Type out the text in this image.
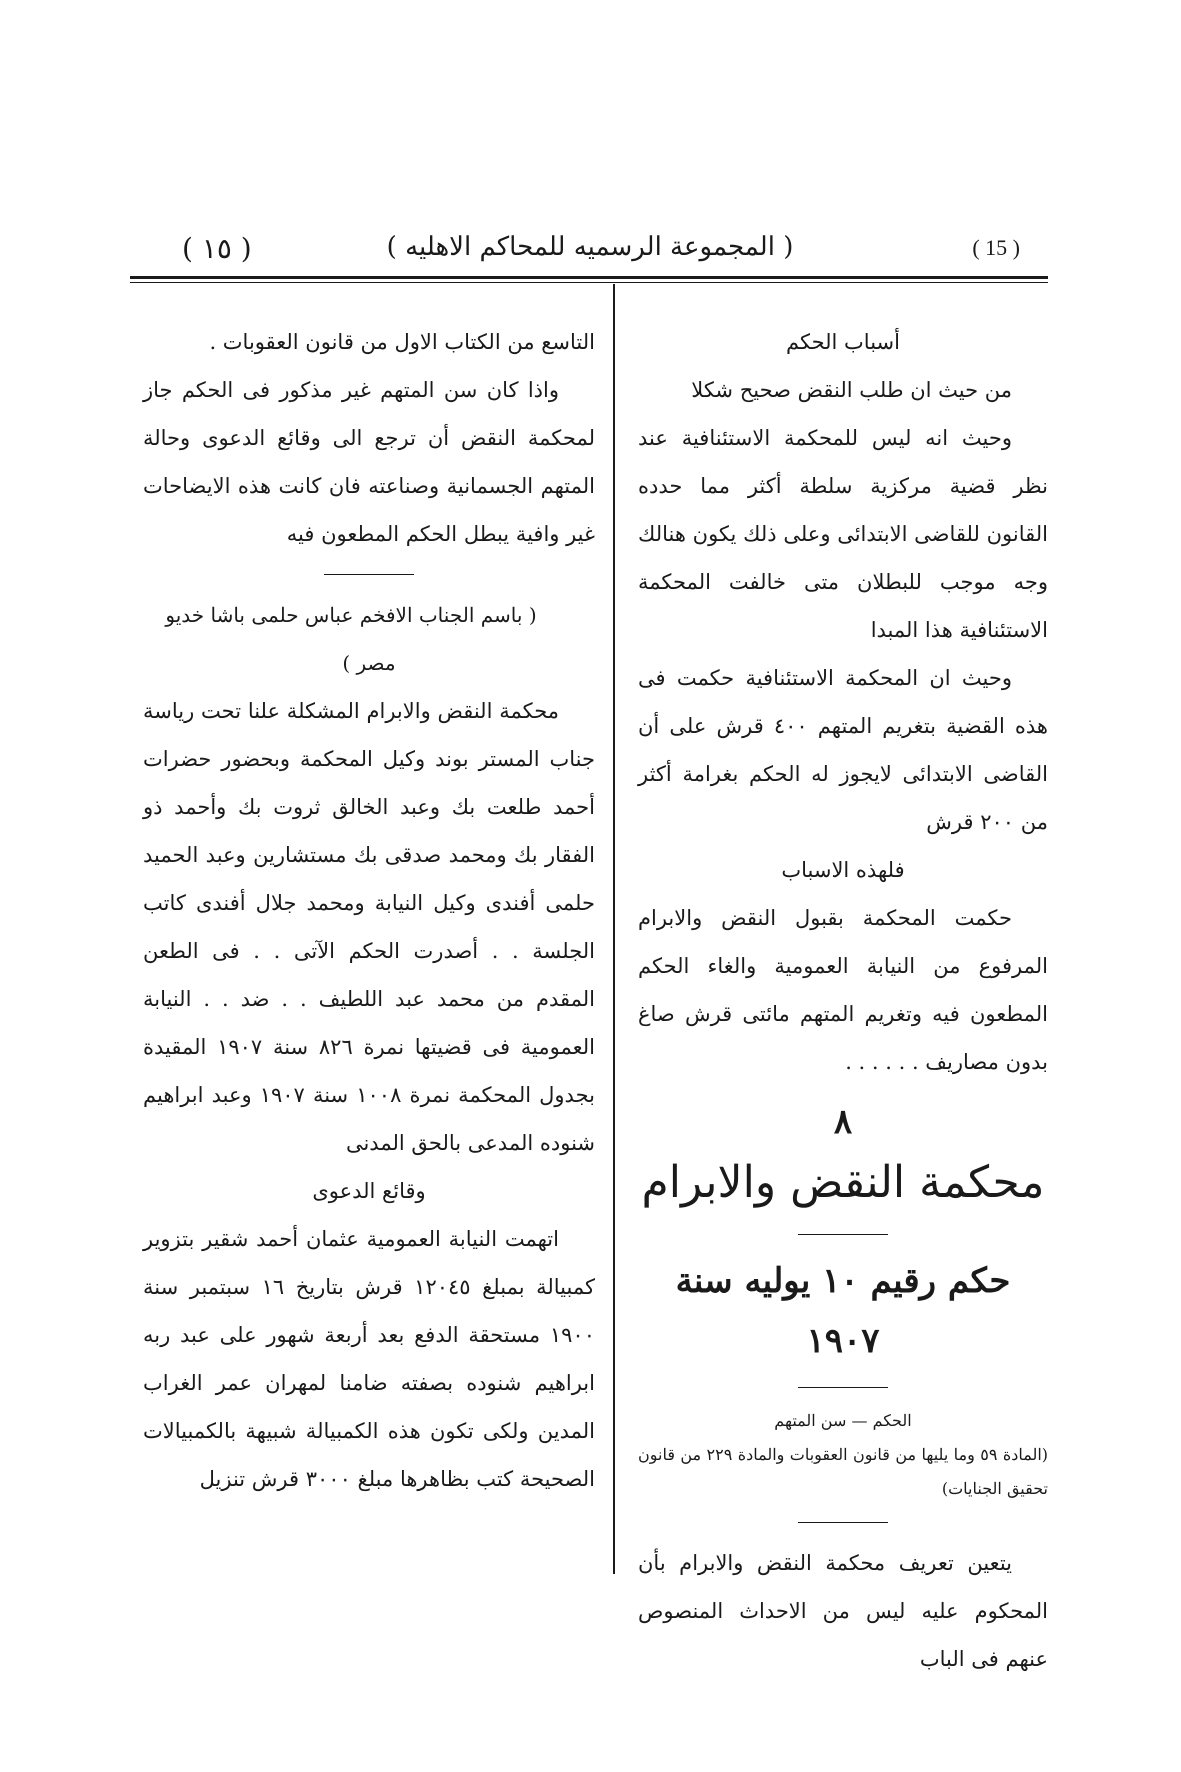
( ١٥ )	( المجموعة الرسميه للمحاكم الاهليه )	( 15 )

أسباب الحكم

من حيث ان طلب النقض صحيح شكلا

وحيث انه ليس للمحكمة الاستئنافية عند نظر قضية مركزية سلطة أكثر مما حدده القانون للقاضى الابتدائى وعلى ذلك يكون هنالك وجه موجب للبطلان متى خالفت المحكمة الاستئنافية هذا المبدا

وحيث ان المحكمة الاستئنافية حكمت فى هذه القضية بتغريم المتهم ٤٠٠ قرش على أن القاضى الابتدائى لايجوز له الحكم بغرامة أكثر من ٢٠٠ قرش

فلهذه الاسباب

حكمت المحكمة بقبول النقض والابرام المرفوع من النيابة العمومية والغاء الحكم المطعون فيه وتغريم المتهم مائتى قرش صاغ بدون مصاريف . . . . . .

٨
محكمة النقض والابرام
حكم رقيم ١٠ يوليه سنة ١٩٠٧

الحكم — سن المتهم

(المادة ٥٩ وما يليها من قانون العقوبات والمادة ٢٢٩ من قانون تحقيق الجنايات)

يتعين تعريف محكمة النقض والابرام بأن المحكوم عليه ليس من الاحداث المنصوص عنهم فى الباب

التاسع من الكتاب الاول من قانون العقوبات .

واذا كان سن المتهم غير مذكور فى الحكم جاز لمحكمة النقض أن ترجع الى وقائع الدعوى وحالة المتهم الجسمانية وصناعته فان كانت هذه الايضاحات غير وافية يبطل الحكم المطعون فيه

( باسم الجناب الافخم عباس حلمى باشا خديو مصر )

محكمة النقض والابرام المشكلة علنا تحت رياسة جناب المستر بوند وكيل المحكمة وبحضور حضرات أحمد طلعت بك وعبد الخالق ثروت بك وأحمد ذو الفقار بك ومحمد صدقى بك مستشارين وعبد الحميد حلمى أفندى وكيل النيابة ومحمد جلال أفندى كاتب الجلسة . . أصدرت الحكم الآتى . . فى الطعن المقدم من محمد عبد اللطيف . . ضد . . النيابة العمومية فى قضيتها نمرة ٨٢٦ سنة ١٩٠٧ المقيدة بجدول المحكمة نمرة ١٠٠٨ سنة ١٩٠٧ وعبد ابراهيم شنوده المدعى بالحق المدنى

وقائع الدعوى

اتهمت النيابة العمومية عثمان أحمد شقير بتزوير كمبيالة بمبلغ ١٢٠٤٥ قرش بتاريخ ١٦ سبتمبر سنة ١٩٠٠ مستحقة الدفع بعد أربعة شهور على عبد ربه ابراهيم شنوده بصفته ضامنا لمهران عمر الغراب المدين ولكى تكون هذه الكمبيالة شبيهة بالكمبيالات الصحيحة كتب بظاهرها مبلغ ٣٠٠٠ قرش تنزيل
